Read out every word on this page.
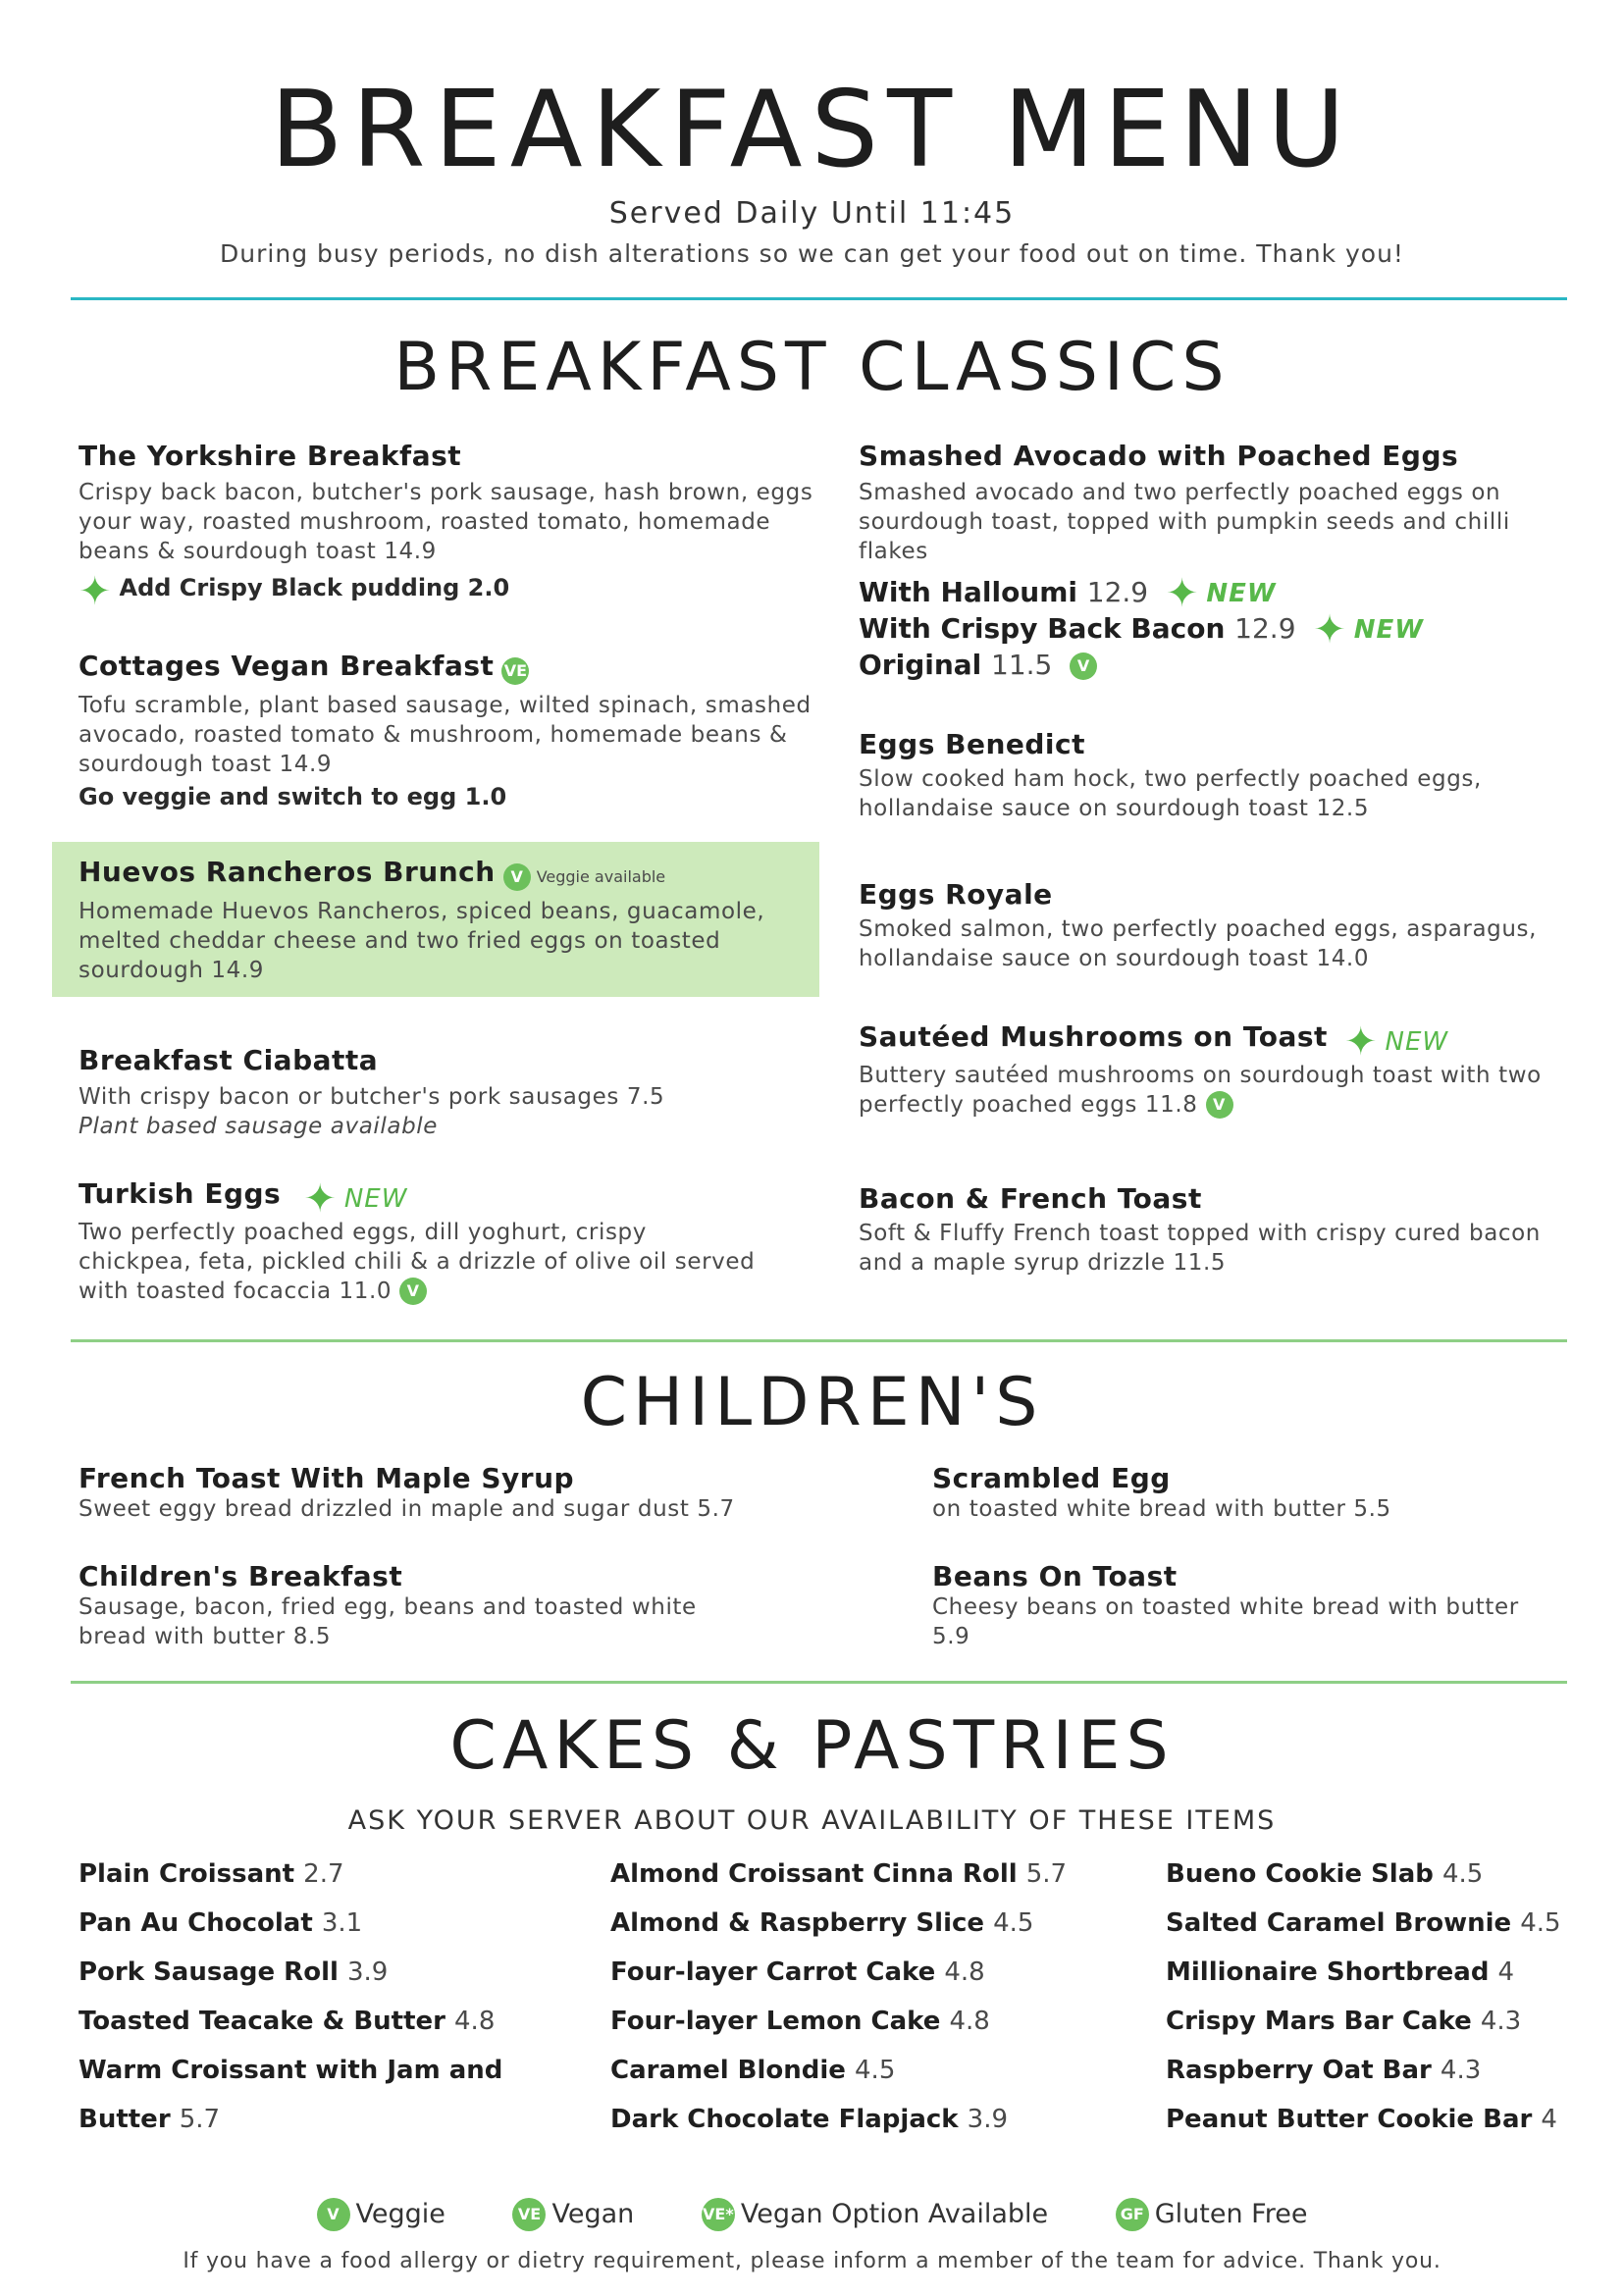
BREAKFAST MENU
Served Daily Until 11:45
During busy periods, no dish alterations so we can get your food out on time. Thank you!
BREAKFAST CLASSICS
The Yorkshire Breakfast
Crispy back bacon, butcher's pork sausage, hash brown, eggs your way, roasted mushroom, roasted tomato, homemade beans & sourdough toast 14.9
✦ Add Crispy Black pudding 2.0
Cottages Vegan Breakfast VE
Tofu scramble, plant based sausage, wilted spinach, smashed avocado, roasted tomato & mushroom, homemade beans & sourdough toast 14.9
Go veggie and switch to egg 1.0
Huevos Rancheros Brunch V Veggie available
Homemade Huevos Rancheros, spiced beans, guacamole, melted cheddar cheese and two fried eggs on toasted sourdough 14.9
Breakfast Ciabatta
With crispy bacon or butcher's pork sausages 7.5
Plant based sausage available
Turkish Eggs ✦ NEW
Two perfectly poached eggs, dill yoghurt, crispy chickpea, feta, pickled chili & a drizzle of olive oil served with toasted focaccia 11.0 V
Smashed Avocado with Poached Eggs
Smashed avocado and two perfectly poached eggs on sourdough toast, topped with pumpkin seeds and chilli flakes
With Halloumi 12.9 ✦ NEW
With Crispy Back Bacon 12.9 ✦ NEW
Original 11.5 V
Eggs Benedict
Slow cooked ham hock, two perfectly poached eggs, hollandaise sauce on sourdough toast 12.5
Eggs Royale
Smoked salmon, two perfectly poached eggs, asparagus, hollandaise sauce on sourdough toast 14.0
Sautéed Mushrooms on Toast ✦ NEW
Buttery sautéed mushrooms on sourdough toast with two perfectly poached eggs 11.8 V
Bacon & French Toast
Soft & Fluffy French toast topped with crispy cured bacon and a maple syrup drizzle 11.5
CHILDREN'S
French Toast With Maple Syrup
Sweet eggy bread drizzled in maple and sugar dust 5.7
Scrambled Egg
on toasted white bread with butter 5.5
Children's Breakfast
Sausage, bacon, fried egg, beans and toasted white bread with butter 8.5
Beans On Toast
Cheesy beans on toasted white bread with butter 5.9
CAKES & PASTRIES
ASK YOUR SERVER ABOUT OUR AVAILABILITY OF THESE ITEMS
Plain Croissant 2.7
Pan Au Chocolat 3.1
Pork Sausage Roll 3.9
Toasted Teacake & Butter 4.8
Warm Croissant with Jam and
Butter 5.7
Almond Croissant Cinna Roll 5.7
Almond & Raspberry Slice 4.5
Four-layer Carrot Cake 4.8
Four-layer Lemon Cake 4.8
Caramel Blondie 4.5
Dark Chocolate Flapjack 3.9
Bueno Cookie Slab 4.5
Salted Caramel Brownie 4.5
Millionaire Shortbread 4
Crispy Mars Bar Cake 4.3
Raspberry Oat Bar 4.3
Peanut Butter Cookie Bar 4
V Veggie	VE Vegan	VE* Vegan Option Available	GF Gluten Free
If you have a food allergy or dietry requirement, please inform a member of the team for advice. Thank you.
